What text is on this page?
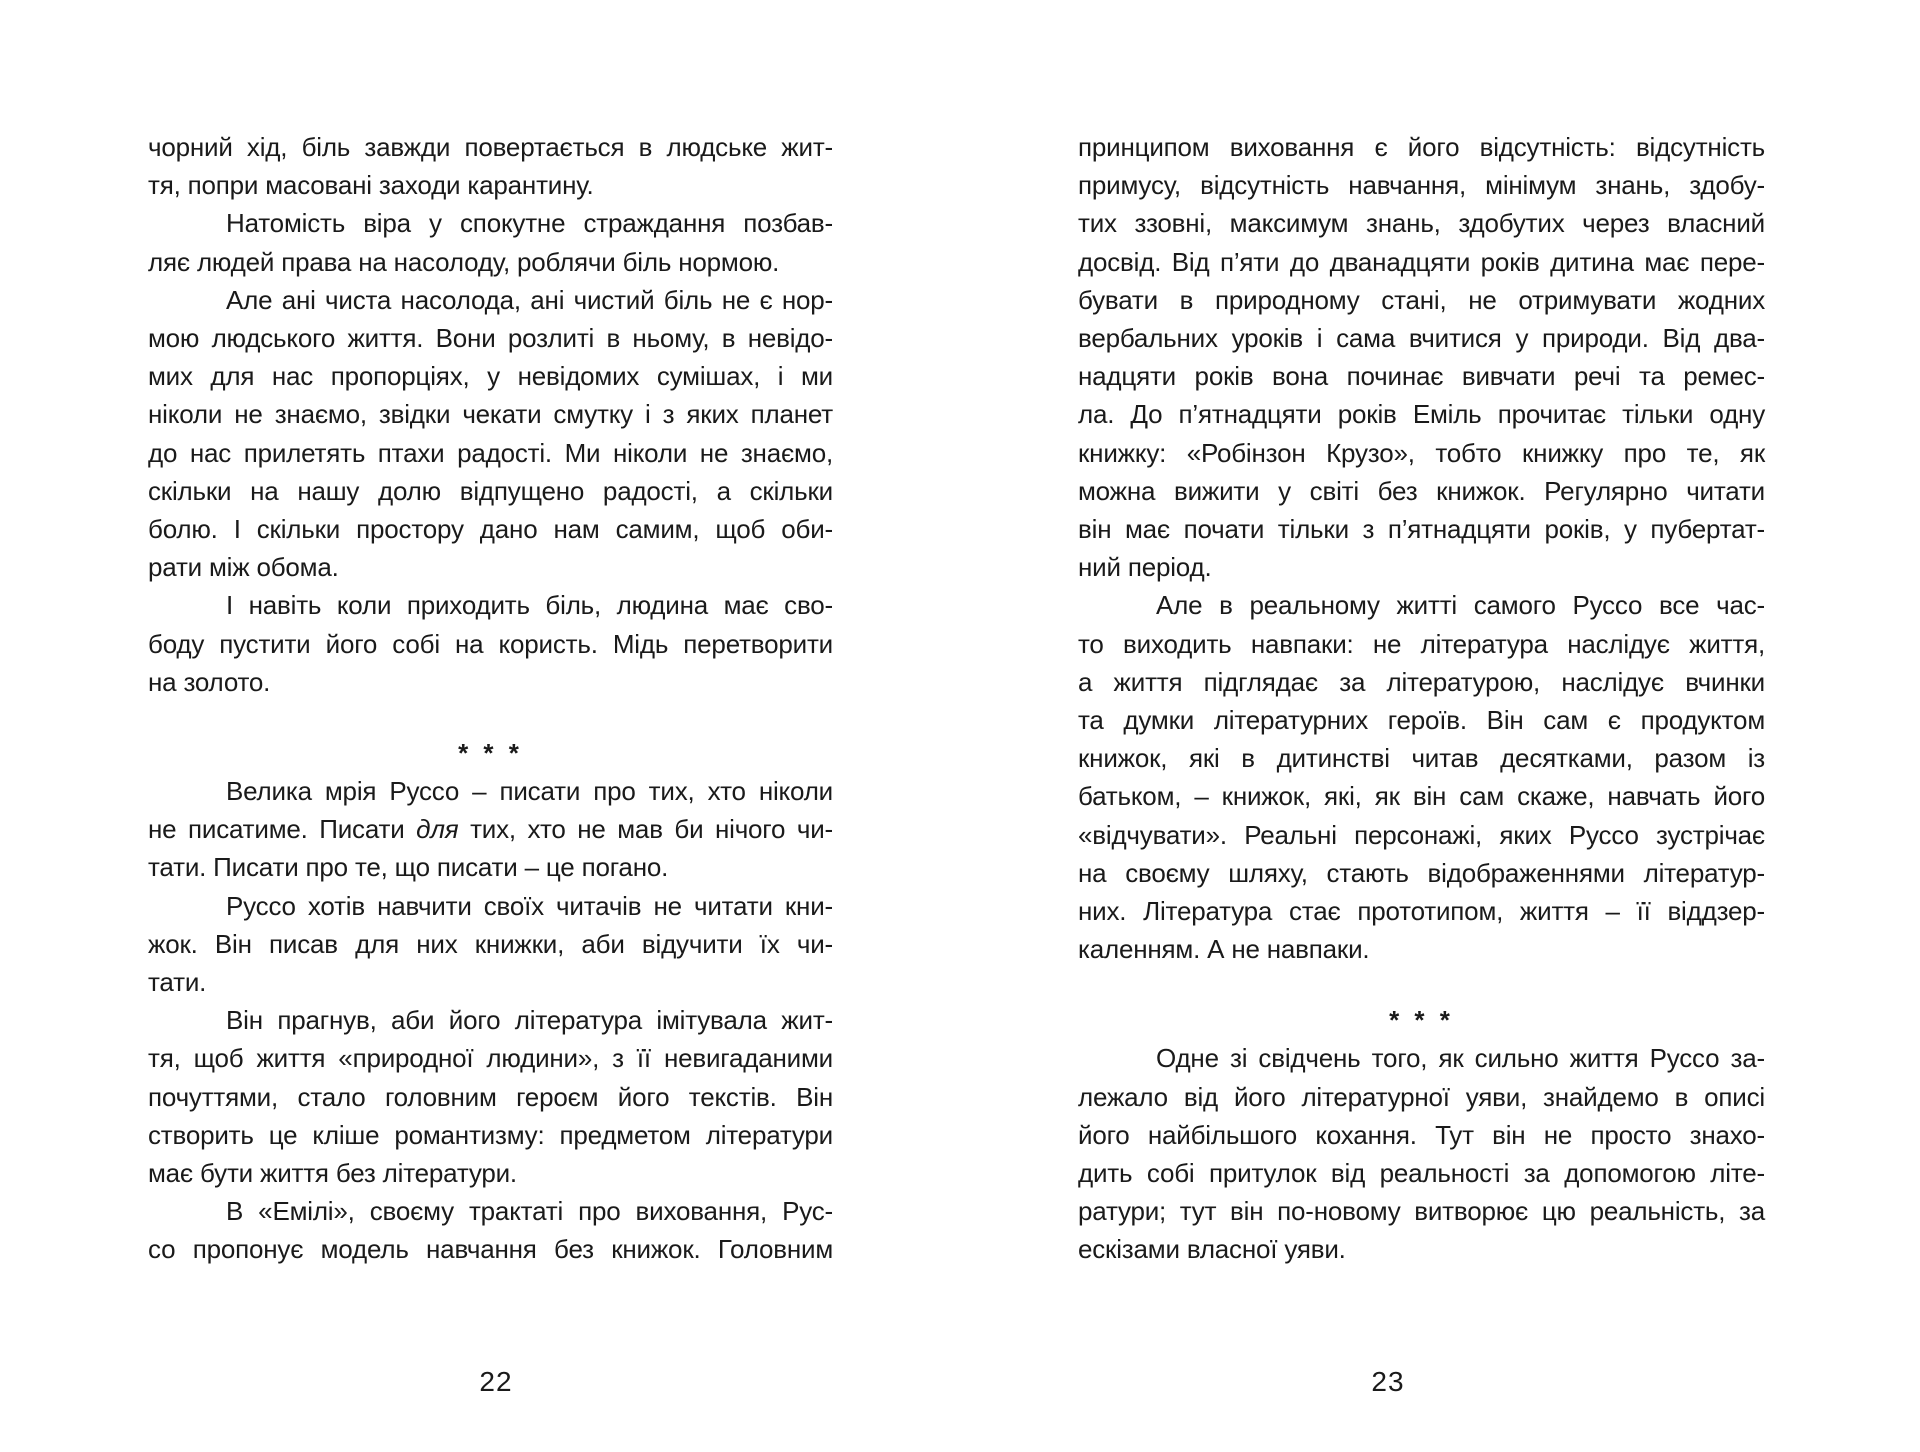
чорний хід, біль завжди повертається в людське жит-
тя, попри масовані заходи карантину.
Натомість віра у спокутне страждання позбав-
ляє людей права на насолоду, роблячи біль нормою.
Але ані чиста насолода, ані чистий біль не є нор-
мою людського життя. Вони розлиті в ньому, в невідо-
мих для нас пропорціях, у невідомих сумішах, і ми
ніколи не знаємо, звідки чекати смутку і з яких планет
до нас прилетять птахи радості. Ми ніколи не знаємо,
скільки на нашу долю відпущено радості, а скільки
болю. І скільки простору дано нам самим, щоб оби-
рати між обома.
І навіть коли приходить біль, людина має сво-
боду пустити його собі на користь. Мідь перетворити
на золото.
* * *
Велика мрія Руссо – писати про тих, хто ніколи
не писатиме. Писати для тих, хто не мав би нічого чи-
тати. Писати про те, що писати – це погано.
Руссо хотів навчити своїх читачів не читати кни-
жок. Він писав для них книжки, аби відучити їх чи-
тати.
Він прагнув, аби його література імітувала жит-
тя, щоб життя «природної людини», з її невигаданими
почуттями, стало головним героєм його текстів. Він
створить це кліше романтизму: предметом літератури
має бути життя без літератури.
В «Емілі», своєму трактаті про виховання, Рус-
со пропонує модель навчання без книжок. Головним
22
принципом виховання є його відсутність: відсутність
примусу, відсутність навчання, мінімум знань, здобу-
тих ззовні, максимум знань, здобутих через власний
досвід. Від п’яти до дванадцяти років дитина має пере-
бувати в природному стані, не отримувати жодних
вербальних уроків і сама вчитися у природи. Від два-
надцяти років вона починає вивчати речі та ремес-
ла. До п’ятнадцяти років Еміль прочитає тільки одну
книжку: «Робінзон Крузо», тобто книжку про те, як
можна вижити у світі без книжок. Регулярно читати
він має почати тільки з п’ятнадцяти років, у пубертат-
ний період.
Але в реальному житті самого Руссо все час-
то виходить навпаки: не література наслідує життя,
а життя підглядає за літературою, наслідує вчинки
та думки літературних героїв. Він сам є продуктом
книжок, які в дитинстві читав десятками, разом із
батьком, – книжок, які, як він сам скаже, навчать його
«відчувати». Реальні персонажі, яких Руссо зустрічає
на своєму шляху, стають відображеннями літератур-
них. Література стає прототипом, життя – її віддзер-
каленням. А не навпаки.
* * *
Одне зі свідчень того, як сильно життя Руссо за-
лежало від його літературної уяви, знайдемо в описі
його найбільшого кохання. Тут він не просто знахо-
дить собі притулок від реальності за допомогою літе-
ратури; тут він по-новому витворює цю реальність, за
ескізами власної уяви.
23
